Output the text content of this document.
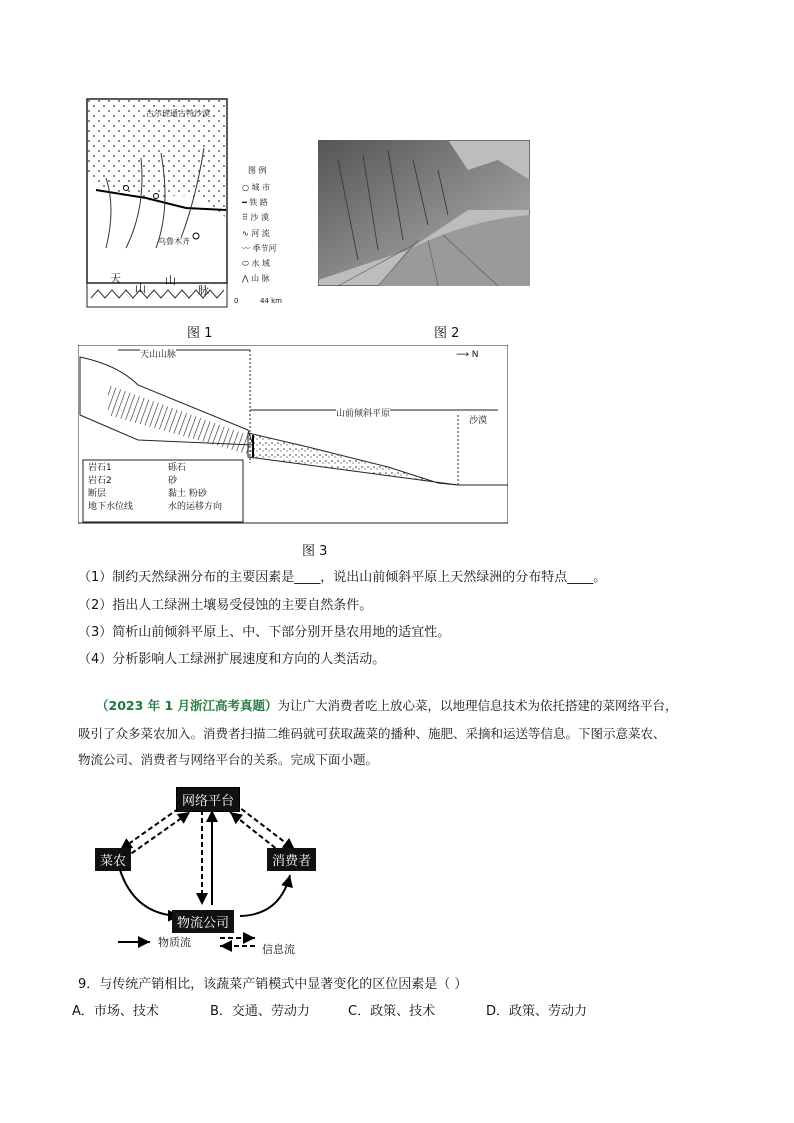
古尔班通古特沙漠
乌鲁木齐
天
山
山
脉
图 例
○ 城 市
━ 铁 路
⠿ 沙 漠
∿ 河 流
〰 季节河
⬭ 水 域
⋀ 山 脉
0	44 km
图 1	图 2
天山山脉
山前倾斜平原
沙漠
⟶ N
岩石1	砾石
岩石2	砂
断层	黏土 粉砂
地下水位线	水的运移方向
图 3
（1）制约天然绿洲分布的主要因素是____，说出山前倾斜平原上天然绿洲的分布特点____。
（2）指出人工绿洲土壤易受侵蚀的主要自然条件。
（3）简析山前倾斜平原上、中、下部分别开垦农用地的适宜性。
（4）分析影响人工绿洲扩展速度和方向的人类活动。
（2023 年 1 月浙江高考真题）为让广大消费者吃上放心菜，以地理信息技术为依托搭建的菜网络平台，
吸引了众多菜农加入。消费者扫描二维码就可获取蔬菜的播种、施肥、采摘和运送等信息。下图示意菜农、
物流公司、消费者与网络平台的关系。完成下面小题。
网络平台
菜农	消费者
物流公司
物质流
信息流
9．与传统产销相比，该蔬菜产销模式中显著变化的区位因素是（ ）
A．市场、技术	B．交通、劳动力	C．政策、技术	D．政策、劳动力
